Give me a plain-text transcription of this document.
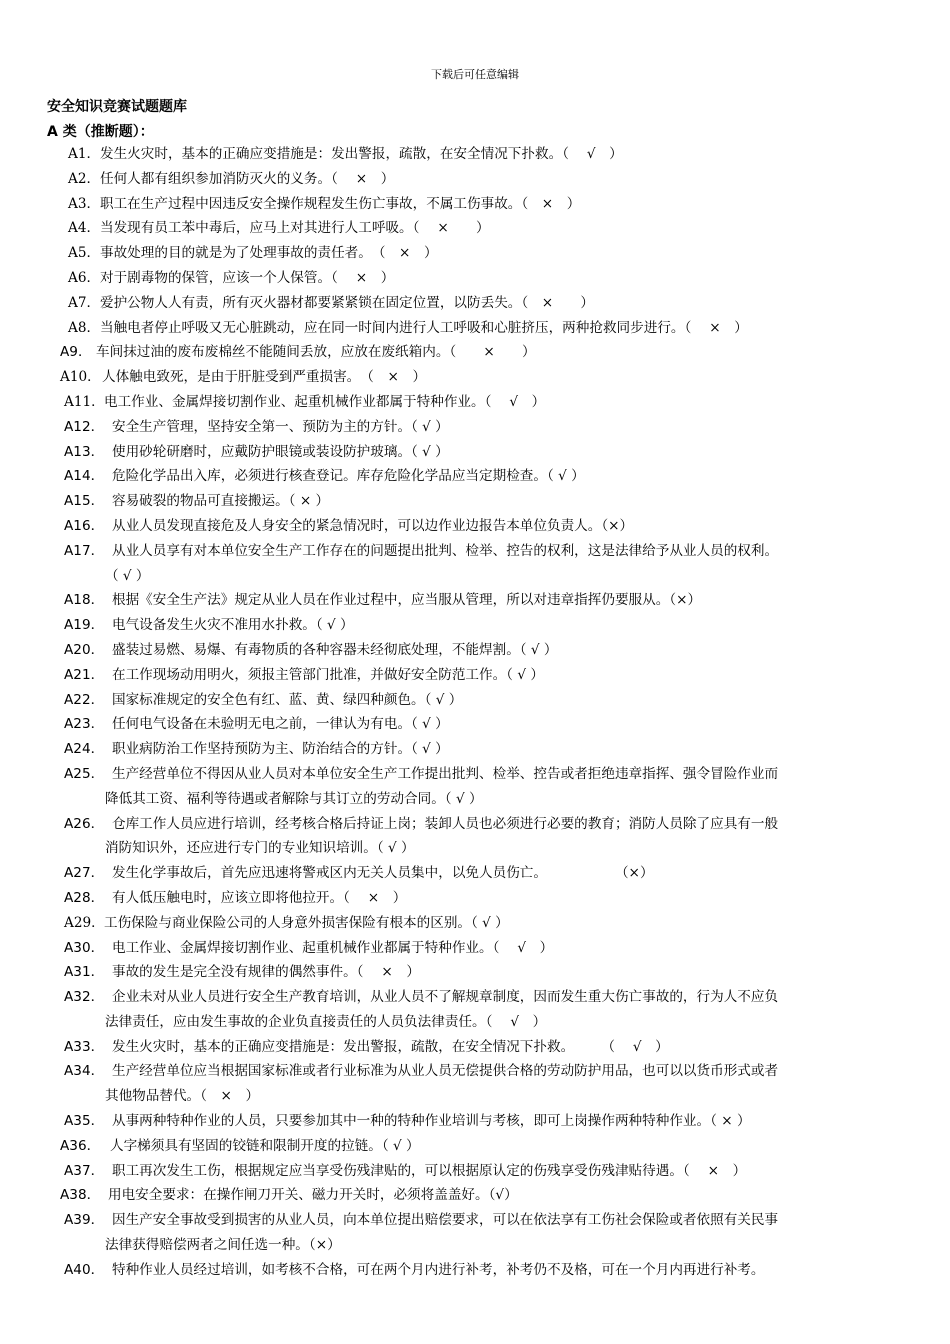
下载后可任意编辑
安全知识竞赛试题题库
A 类（推断题）：
A1． 发生火灾时，基本的正确应变措施是：发出警报，疏散，在安全情况下扑救。（　 √　）
A2． 任何人都有组织参加消防灭火的义务。（　 ×　）
A3． 职工在生产过程中因违反安全操作规程发生伤亡事故，不属工伤事故。（　×　）
A4． 当发现有员工苯中毒后，应马上对其进行人工呼吸。（　 ×　　）
A5． 事故处理的目的就是为了处理事故的责任者。　（　×　）
A6． 对于剧毒物的保管，应该一个人保管。（　 ×　）
A7． 爱护公物人人有责，所有灭火器材都要紧紧锁在固定位置，以防丢失。（　×　　）
A8． 当触电者停止呼吸又无心脏跳动，应在同一时间内进行人工呼吸和心脏挤压，两种抢救同步进行。（　 ×　）
A9． 车间抹过油的废布废棉丝不能随间丢放，应放在废纸箱内。（　　×　　）
A10． 人体触电致死，是由于肝脏受到严重损害。　（　×　）
A11． 电工作业、金属焊接切割作业、起重机械作业都属于特种作业。（　 √　）
A12． 安全生产管理，坚持安全第一、预防为主的方针。（ √ ）
A13． 使用砂轮研磨时，应戴防护眼镜或装设防护玻璃。（ √ ）
A14． 危险化学品出入库，必须进行核查登记。库存危险化学品应当定期检查。（ √ ）
A15． 容易破裂的物品可直接搬运。（ × ）
A16． 从业人员发现直接危及人身安全的紧急情况时，可以边作业边报告本单位负责人。（×）
A17． 从业人员享有对本单位安全生产工作存在的问题提出批判、检举、控告的权利，这是法律给予从业人员的权利。
（ √ ）
A18． 根据《安全生产法》规定从业人员在作业过程中，应当服从管理，所以对违章指挥仍要服从。（×）
A19． 电气设备发生火灾不准用水扑救。（ √ ）
A20． 盛装过易燃、易爆、有毒物质的各种容器未经彻底处理，不能焊割。（ √ ）
A21． 在工作现场动用明火，须报主管部门批准，并做好安全防范工作。（ √ ）
A22． 国家标准规定的安全色有红、蓝、黄、绿四种颜色。（ √ ）
A23． 任何电气设备在未验明无电之前，一律认为有电。（ √ ）
A24． 职业病防治工作坚持预防为主、防治结合的方针。（ √ ）
A25． 生产经营单位不得因从业人员对本单位安全生产工作提出批判、检举、控告或者拒绝违章指挥、强令冒险作业而
降低其工资、福利等待遇或者解除与其订立的劳动合同。（ √ ）
A26． 仓库工作人员应进行培训，经考核合格后持证上岗；装卸人员也必须进行必要的教育；消防人员除了应具有一般
消防知识外，还应进行专门的专业知识培训。（ √ ）
A27． 发生化学事故后，首先应迅速将警戒区内无关人员集中，以免人员伤亡。　　　　　　（×）
A28． 有人低压触电时，应该立即将他拉开。（　 ×　）
A29． 工伤保险与商业保险公司的人身意外损害保险有根本的区别。（ √ ）
A30． 电工作业、金属焊接切割作业、起重机械作业都属于特种作业。（　 √　）
A31． 事故的发生是完全没有规律的偶然事件。（　 ×　）
A32． 企业未对从业人员进行安全生产教育培训，从业人员不了解规章制度，因而发生重大伤亡事故的，行为人不应负
法律责任，应由发生事故的企业负直接责任的人员负法律责任。（　 √　）
A33． 发生火灾时，基本的正确应变措施是：发出警报，疏散，在安全情况下扑救。　　　（　 √　）
A34． 生产经营单位应当根据国家标准或者行业标准为从业人员无偿提供合格的劳动防护用品，也可以以货币形式或者
其他物品替代。（　×　）
A35． 从事两种特种作业的人员，只要参加其中一种的特种作业培训与考核，即可上岗操作两种特种作业。（ × ）
A36． 人字梯须具有坚固的铰链和限制开度的拉链。（ √ ）
A37． 职工再次发生工伤，根据规定应当享受伤残津贴的，可以根据原认定的伤残享受伤残津贴待遇。（　 ×　）
A38． 用电安全要求：在操作闸刀开关、磁力开关时，必须将盖盖好。（√）
A39． 因生产安全事故受到损害的从业人员，向本单位提出赔偿要求，可以在依法享有工伤社会保险或者依照有关民事
法律获得赔偿两者之间任选一种。（×）
A40． 特种作业人员经过培训，如考核不合格，可在两个月内进行补考，补考仍不及格，可在一个月内再进行补考。
